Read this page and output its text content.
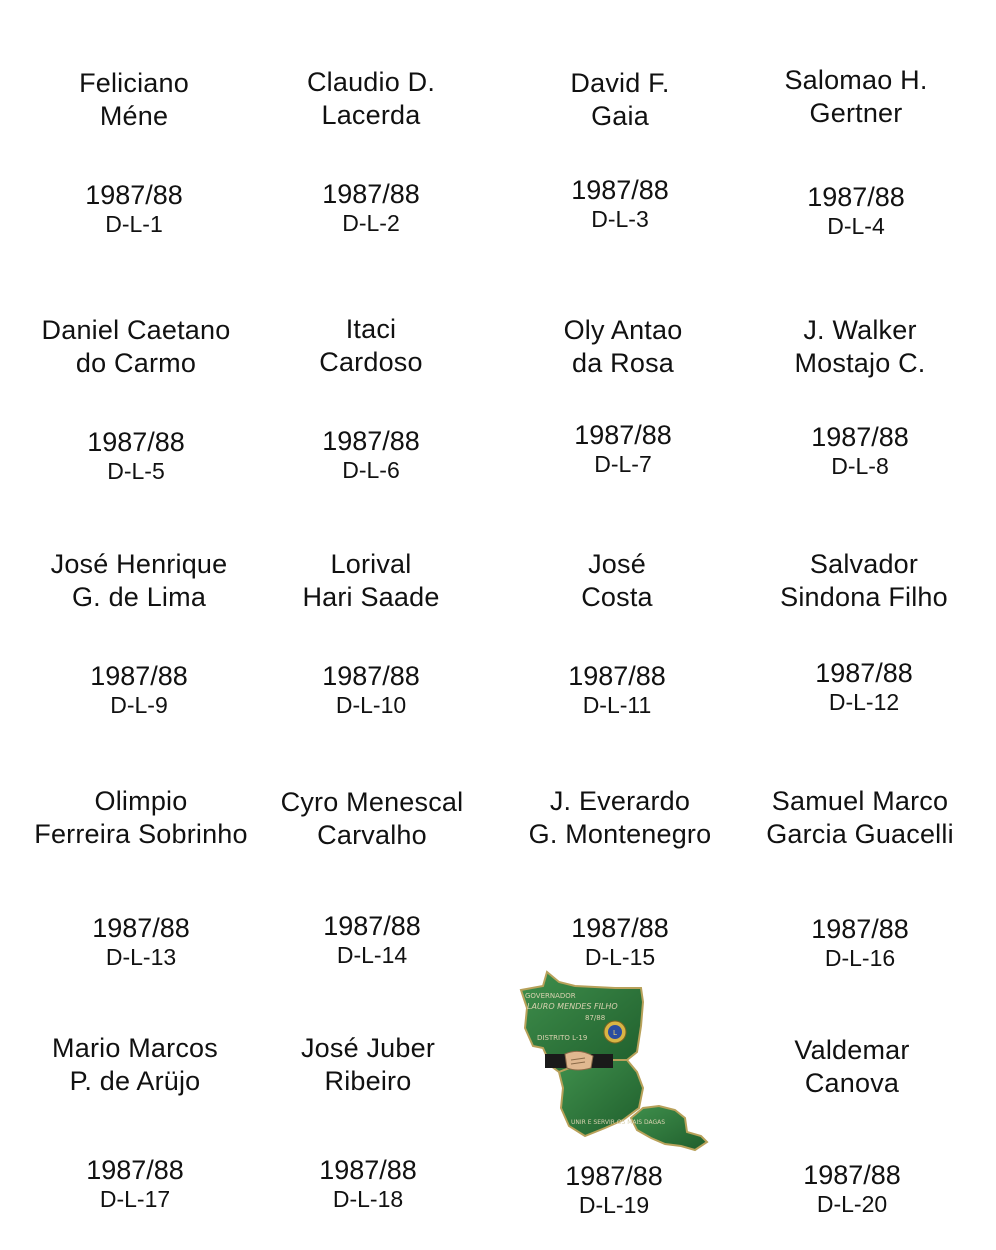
Feliciano
Méne
1987/88
D-L-1
Claudio D.
Lacerda
1987/88
D-L-2
David F.
Gaia
1987/88
D-L-3
Salomao H.
Gertner
1987/88
D-L-4
Daniel Caetano
do Carmo
1987/88
D-L-5
Itaci
Cardoso
1987/88
D-L-6
Oly Antao
da Rosa
1987/88
D-L-7
J. Walker
Mostajo C.
1987/88
D-L-8
José Henrique
G. de Lima
1987/88
D-L-9
Lorival
Hari Saade
1987/88
D-L-10
José
Costa
1987/88
D-L-11
Salvador
Sindona Filho
1987/88
D-L-12
Olimpio
Ferreira Sobrinho
1987/88
D-L-13
Cyro Menescal
Carvalho
1987/88
D-L-14
J. Everardo
G. Montenegro
1987/88
D-L-15
Samuel Marco
Garcia Guacelli
1987/88
D-L-16
Mario Marcos
P. de Arüjo
1987/88
D-L-17
José Juber
Ribeiro
1987/88
D-L-18
1987/88
D-L-19
Valdemar
Canova
1987/88
D-L-20
GOVERNADOR
LAURO MENDES FILHO
87/88
DISTRITO L-19
L
UNIR E SERVIR OS MAIS DAGAS
